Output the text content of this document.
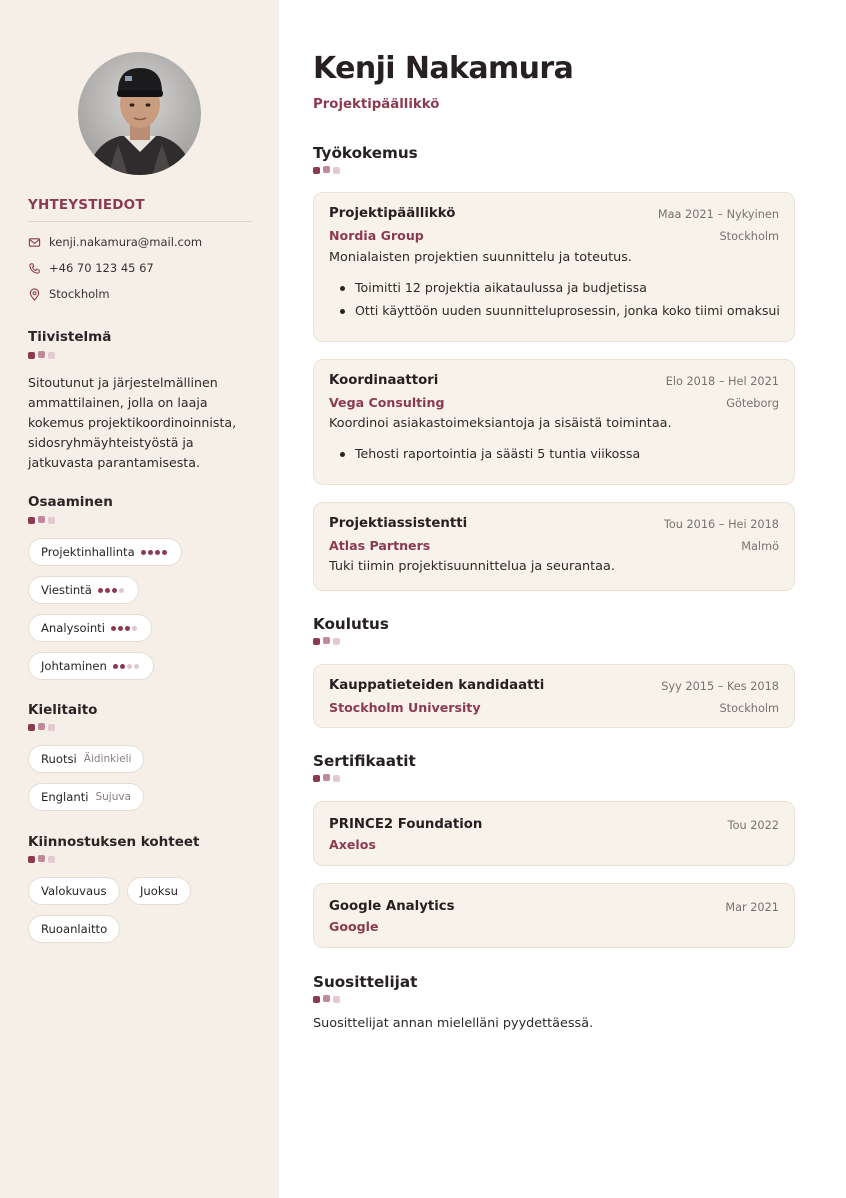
YHTEYSTIEDOT
kenji.nakamura@mail.com
+46 70 123 45 67
Stockholm
Tiivistelmä
Sitoutunut ja järjestelmällinen ammattilainen, jolla on laaja kokemus projektikoordinoinnista, sidosryhmäyhteistyöstä ja jatkuvasta parantamisesta.
Osaaminen
Projektinhallinta
Viestintä
Analysointi
Johtaminen
Kielitaito
Ruotsi Äidinkieli
Englanti Sujuva
Kiinnostuksen kohteet
Valokuvaus	Juoksu
Ruoanlaitto
Kenji Nakamura
Projektipäällikkö
Työkokemus
Projektipäällikkö	Maa 2021 – Nykyinen
Nordia Group	Stockholm
Monialaisten projektien suunnittelu ja toteutus.
Toimitti 12 projektia aikataulussa ja budjetissa
Otti käyttöön uuden suunnitteluprosessin, jonka koko tiimi omaksui
Koordinaattori	Elo 2018 – Hel 2021
Vega Consulting	Göteborg
Koordinoi asiakastoimeksiantoja ja sisäistä toimintaa.
Tehosti raportointia ja säästi 5 tuntia viikossa
Projektiassistentti	Tou 2016 – Hei 2018
Atlas Partners	Malmö
Tuki tiimin projektisuunnittelua ja seurantaa.
Koulutus
Kauppatieteiden kandidaatti	Syy 2015 – Kes 2018
Stockholm University	Stockholm
Sertifikaatit
PRINCE2 Foundation	Tou 2022
Axelos
Google Analytics	Mar 2021
Google
Suosittelijat
Suosittelijat annan mielelläni pyydettäessä.
